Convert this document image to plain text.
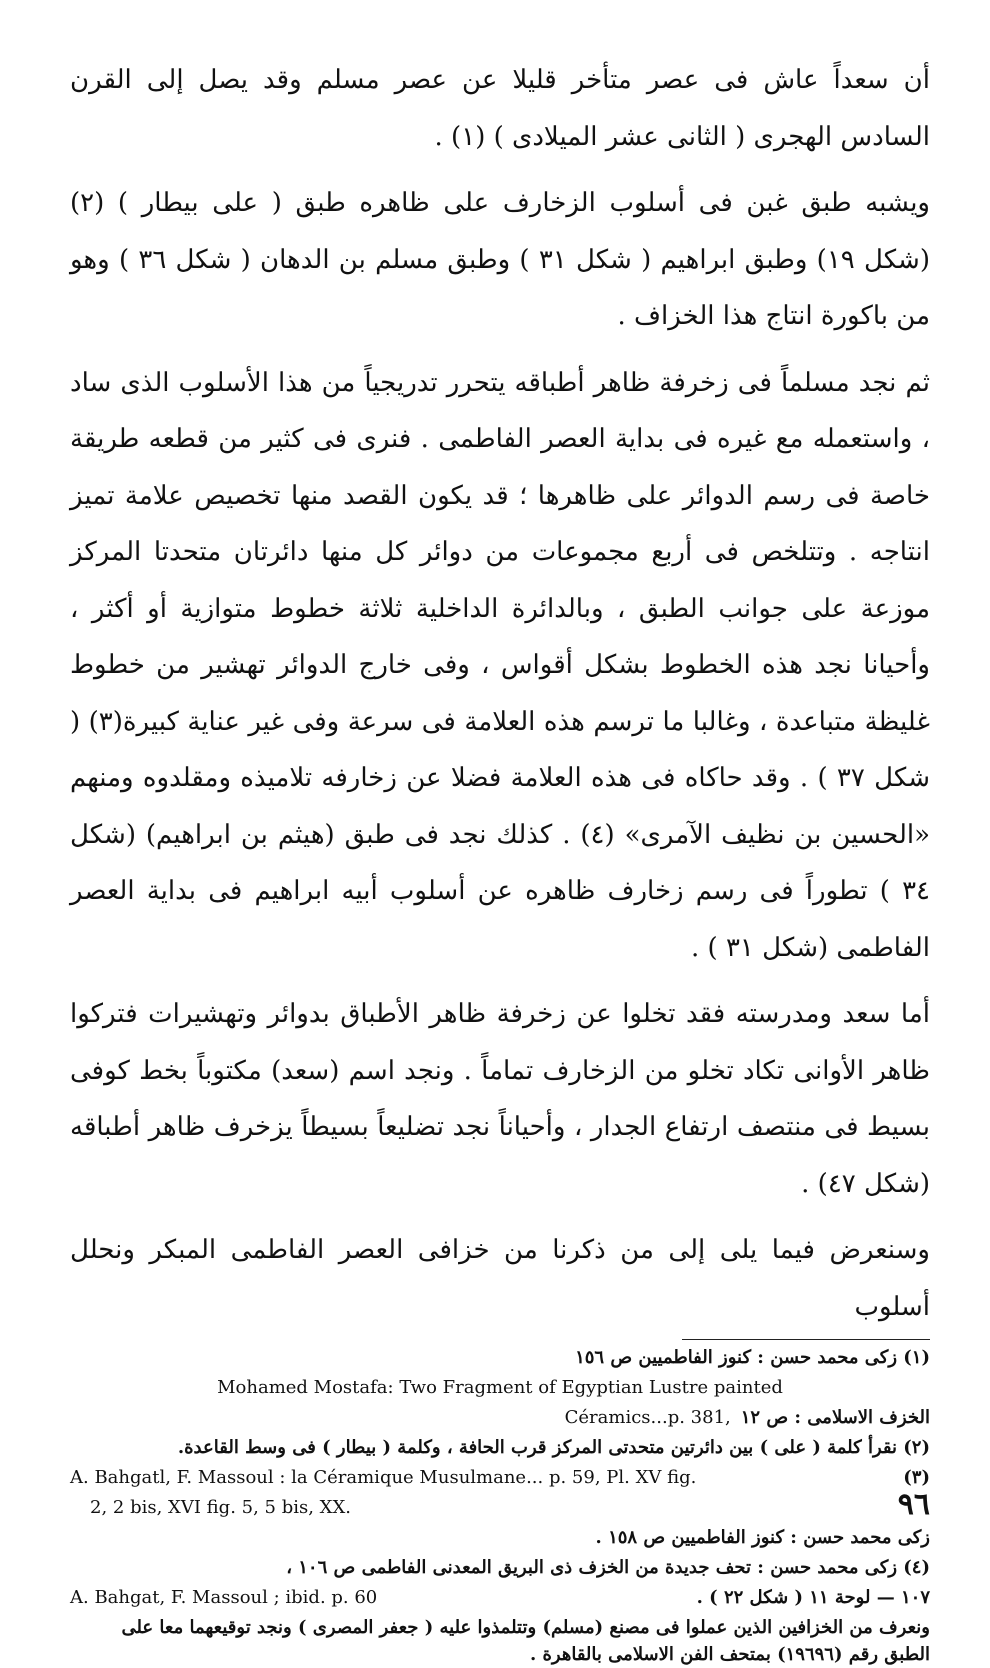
أن سعداً عاش فى عصر متأخر قليلا عن عصر مسلم وقد يصل إلى القرن السادس الهجرى ( الثانى عشر الميلادى ) (١) .

ويشبه طبق غبن فى أسلوب الزخارف على ظاهره طبق ( على بيطار ) (٢) (شكل ١٩) وطبق ابراهيم ( شكل ٣١ ) وطبق مسلم بن الدهان ( شكل ٣٦ ) وهو من باكورة انتاج هذا الخزاف .

ثم نجد مسلماً فى زخرفة ظاهر أطباقه يتحرر تدريجياً من هذا الأسلوب الذى ساد ، واستعمله مع غيره فى بداية العصر الفاطمى . فنرى فى كثير من قطعه طريقة خاصة فى رسم الدوائر على ظاهرها ؛ قد يكون القصد منها تخصيص علامة تميز انتاجه . وتتلخص فى أربع مجموعات من دوائر كل منها دائرتان متحدتا المركز موزعة على جوانب الطبق ، وبالدائرة الداخلية ثلاثة خطوط متوازية أو أكثر ، وأحيانا نجد هذه الخطوط بشكل أقواس ، وفى خارج الدوائر تهشير من خطوط غليظة متباعدة ، وغالبا ما ترسم هذه العلامة فى سرعة وفى غير عناية كبيرة(٣) ( شكل ٣٧ ) . وقد حاكاه فى هذه العلامة فضلا عن زخارفه تلاميذه ومقلدوه ومنهم «الحسين بن نظيف الآمرى» (٤) . كذلك نجد فى طبق (هيثم بن ابراهيم) (شكل ٣٤ ) تطوراً فى رسم زخارف ظاهره عن أسلوب أبيه ابراهيم فى بداية العصر الفاطمى (شكل ٣١ ) .

أما سعد ومدرسته فقد تخلوا عن زخرفة ظاهر الأطباق بدوائر وتهشيرات فتركوا ظاهر الأوانى تكاد تخلو من الزخارف تماماً . ونجد اسم (سعد) مكتوباً بخط كوفى بسيط فى منتصف ارتفاع الجدار ، وأحياناً نجد تضليعاً بسيطاً يزخرف ظاهر أطباقه (شكل ٤٧) .

وسنعرض فيما يلى إلى من ذكرنا من خزافى العصر الفاطمى المبكر ونحلل أسلوب

(١) زكى محمد حسن : كنوز الفاطميين ص ١٥٦

Mohamed Mostafa: Two Fragment of Egyptian Lustre painted

Céramics...p. 381, الخزف الاسلامى : ص ١٢

(٢) نقرأ كلمة ( على ) بين دائرتين متحدتى المركز قرب الحافة ، وكلمة ( بيطار ) فى وسط القاعدة.

A. Bahgatl, F. Massoul : la Céramique Musulmane... p. 59, Pl. XV fig.	(٣)

2, 2 bis, XVI fig. 5, 5 bis, XX.

زكى محمد حسن : كنوز الفاطميين ص ١٥٨ .

(٤) زكى محمد حسن : تحف جديدة من الخزف ذى البريق المعدنى الفاطمى ص ١٠٦ ،

A. Bahgat, F. Massoul ; ibid. p. 60	١٠٧ — لوحة ١١ ( شكل ٢٢ ) .

ونعرف من الخزافين الذين عملوا فى مصنع (مسلم) وتتلمذوا عليه ( جعفر المصرى ) ونجد توقيعهما معا على الطبق رقم (١٩٦٩٦) بمتحف الفن الاسلامى بالقاهرة .

٩٦
